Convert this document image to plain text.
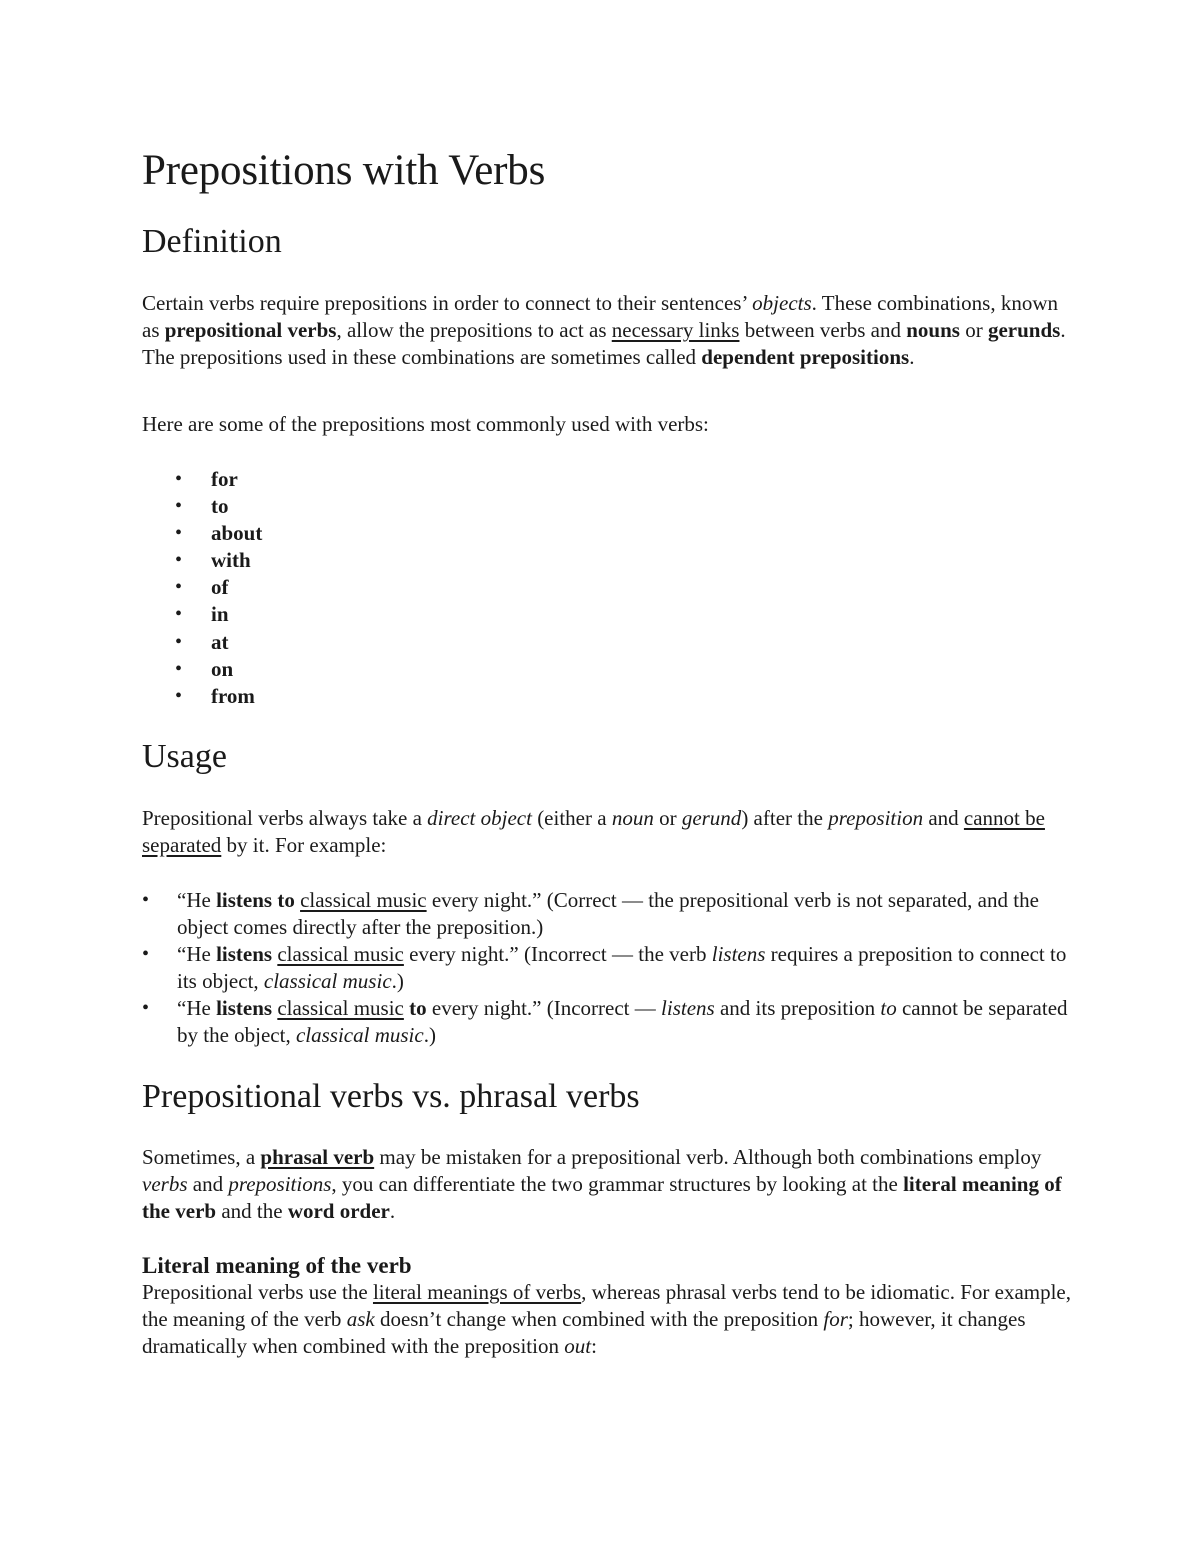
Prepositions with Verbs
Definition

Certain verbs require prepositions in order to connect to their sentences’ objects. These combinations, known as prepositional verbs, allow the prepositions to act as necessary links between verbs and nouns or gerunds. The prepositions used in these combinations are sometimes called dependent prepositions.

Here are some of the prepositions most commonly used with verbs:

• for
• to
• about
• with
• of
• in
• at
• on
• from
Usage

Prepositional verbs always take a direct object (either a noun or gerund) after the preposition and cannot be separated by it. For example:

• “He listens to classical music every night.” (Correct — the prepositional verb is not separated, and the object comes directly after the preposition.)
• “He listens classical music every night.” (Incorrect — the verb listens requires a preposition to connect to its object, classical music.)
• “He listens classical music to every night.” (Incorrect — listens and its preposition to cannot be separated by the object, classical music.)
Prepositional verbs vs. phrasal verbs

Sometimes, a phrasal verb may be mistaken for a prepositional verb. Although both combinations employ verbs and prepositions, you can differentiate the two grammar structures by looking at the literal meaning of the verb and the word order.

Literal meaning of the verb

Prepositional verbs use the literal meanings of verbs, whereas phrasal verbs tend to be idiomatic. For example, the meaning of the verb ask doesn’t change when combined with the preposition for; however, it changes dramatically when combined with the preposition out:
